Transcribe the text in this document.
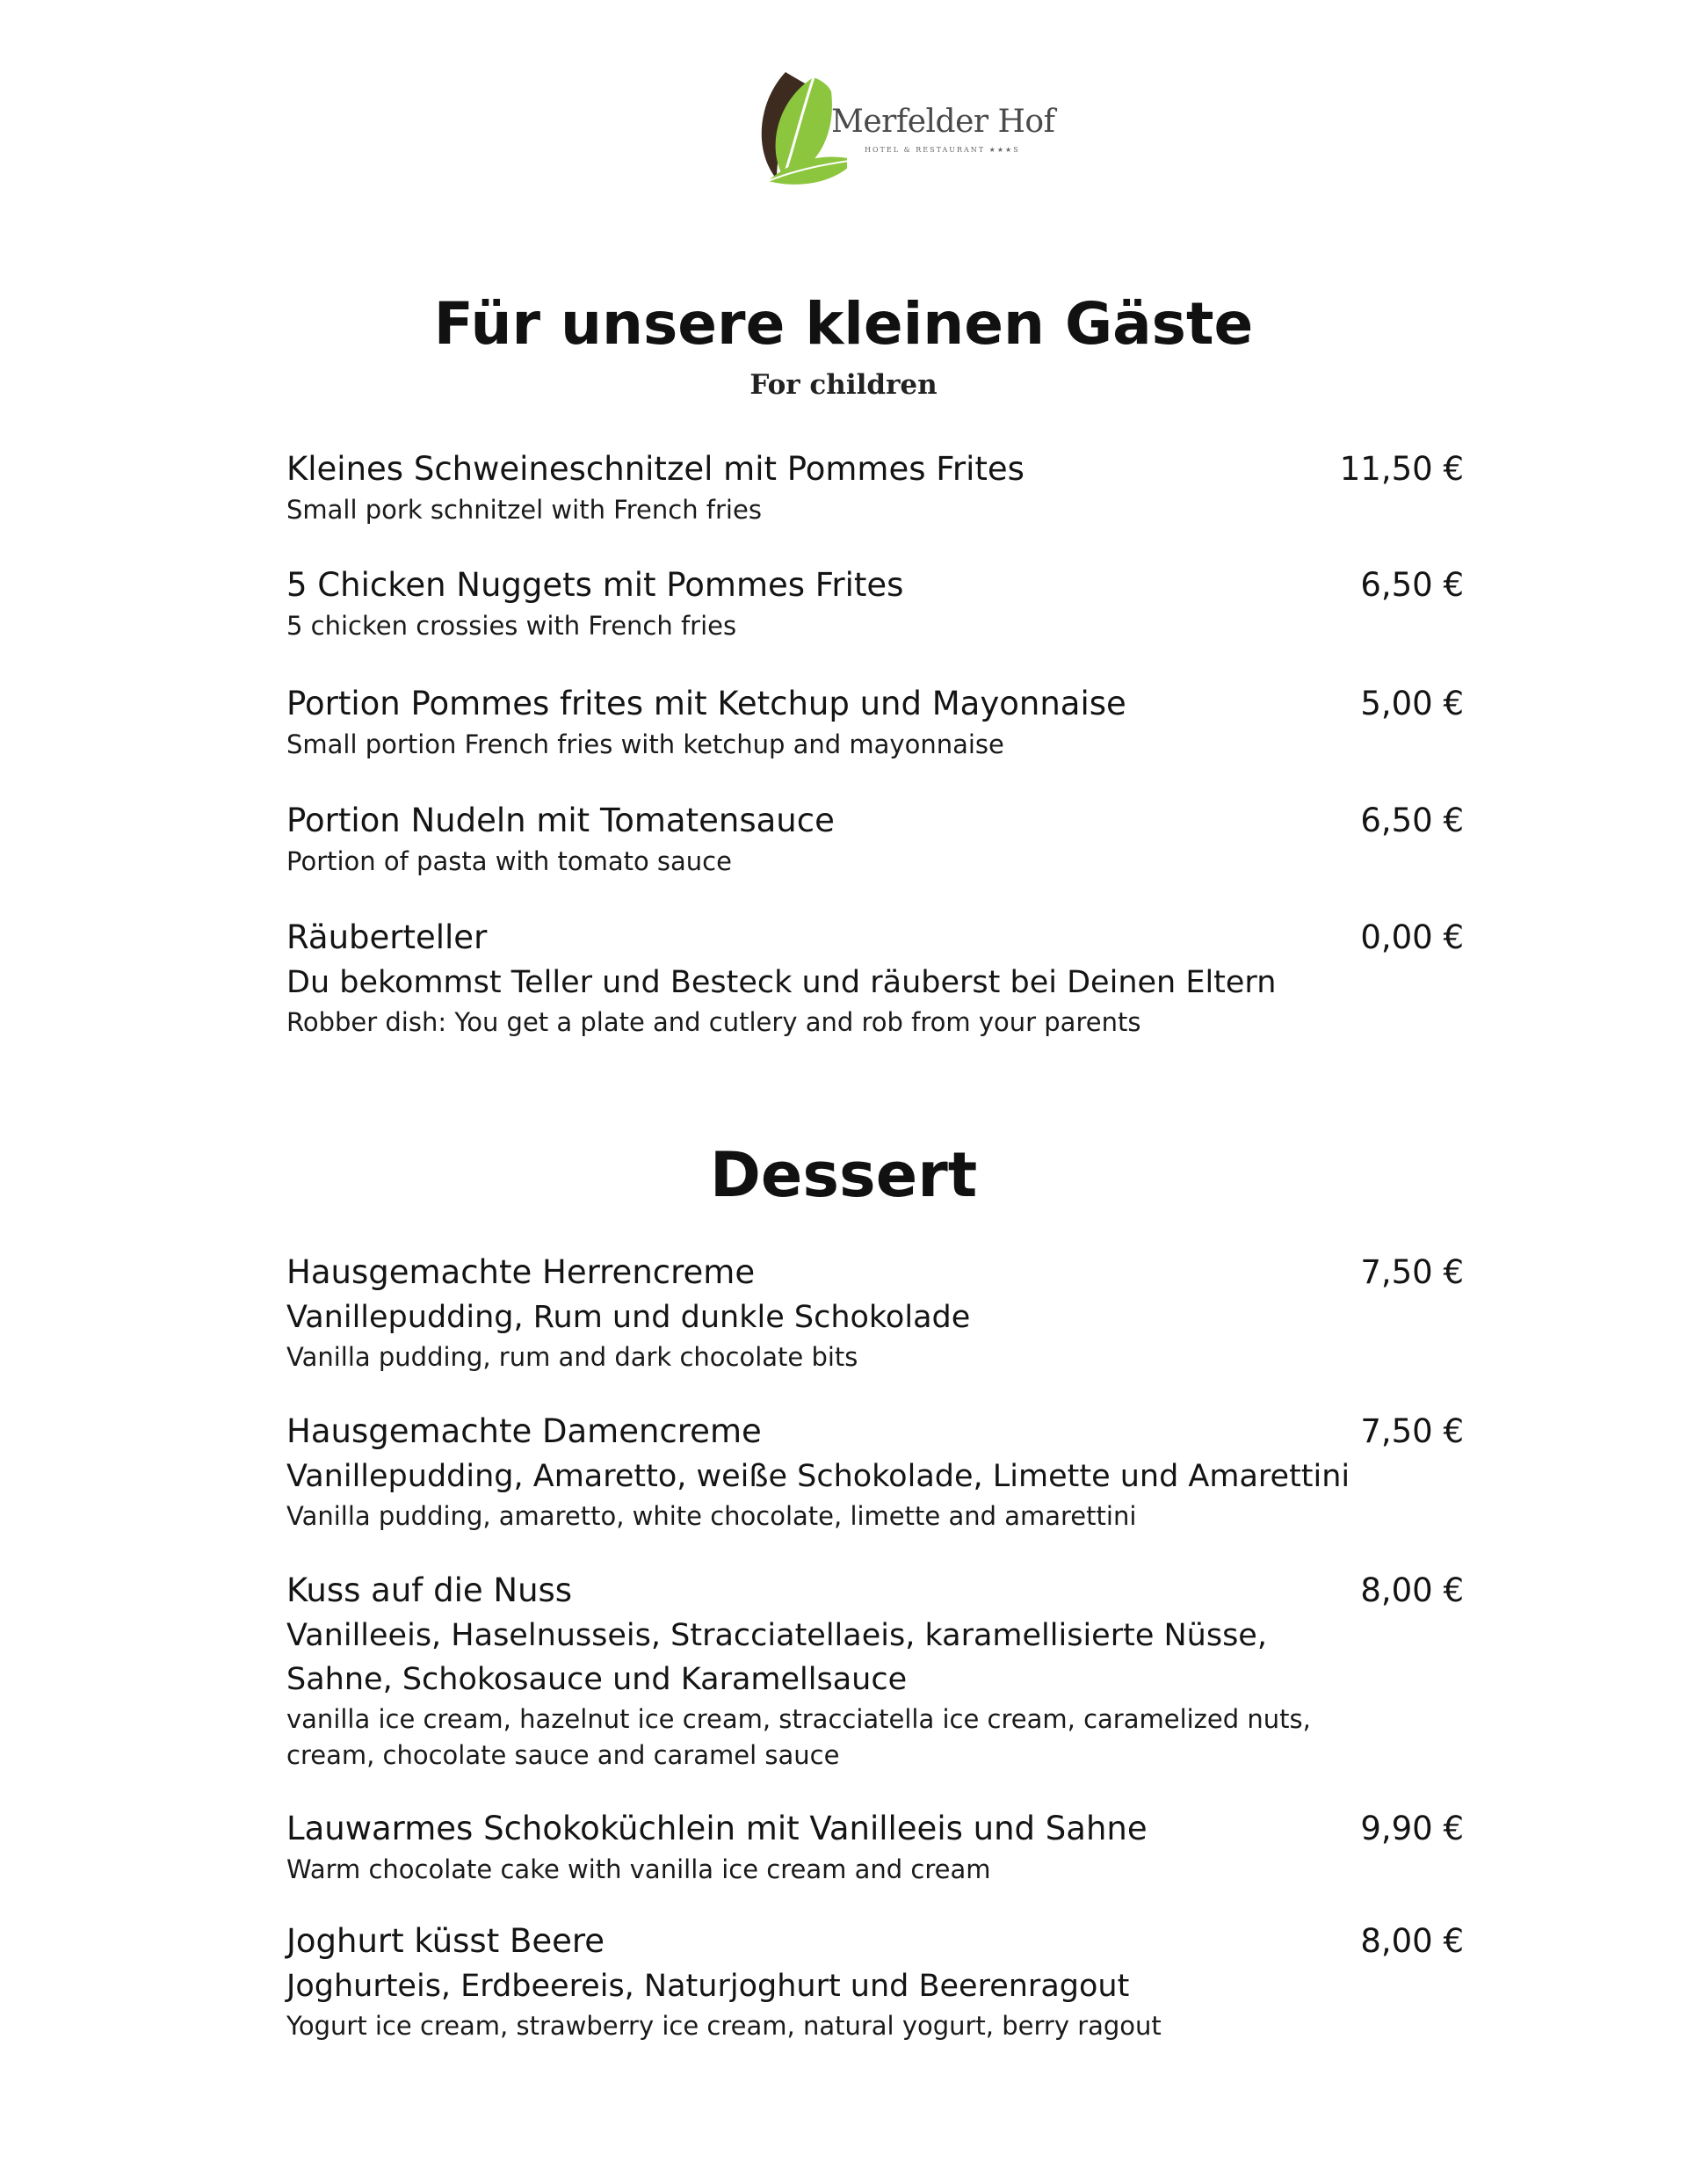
Merfelder Hof
HOTEL & RESTAURANT ★★★S
Für unsere kleinen Gäste
For children
Kleines Schweineschnitzel mit Pommes Frites
Small pork schnitzel with French fries
11,50 €
5 Chicken Nuggets mit Pommes Frites
5 chicken crossies with French fries
6,50 €
Portion Pommes frites mit Ketchup und Mayonnaise
Small portion French fries with ketchup and mayonnaise
5,00 €
Portion Nudeln mit Tomatensauce
Portion of pasta with tomato sauce
6,50 €
Räuberteller
Du bekommst Teller und Besteck und räuberst bei Deinen Eltern
Robber dish: You get a plate and cutlery and rob from your parents
0,00 €
Dessert
Hausgemachte Herrencreme
Vanillepudding, Rum und dunkle Schokolade
Vanilla pudding, rum and dark chocolate bits
7,50 €
Hausgemachte Damencreme
Vanillepudding, Amaretto, weiße Schokolade, Limette und Amarettini
Vanilla pudding, amaretto, white chocolate, limette and amarettini
7,50 €
Kuss auf die Nuss
Vanilleeis, Haselnusseis, Stracciatellaeis, karamellisierte Nüsse,
Sahne, Schokosauce und Karamellsauce
vanilla ice cream, hazelnut ice cream, stracciatella ice cream, caramelized nuts,
cream, chocolate sauce and caramel sauce
8,00 €
Lauwarmes Schokoküchlein mit Vanilleeis und Sahne
Warm chocolate cake with vanilla ice cream and cream
9,90 €
Joghurt küsst Beere
Joghurteis, Erdbeereis, Naturjoghurt und Beerenragout
Yogurt ice cream, strawberry ice cream, natural yogurt, berry ragout
8,00 €
